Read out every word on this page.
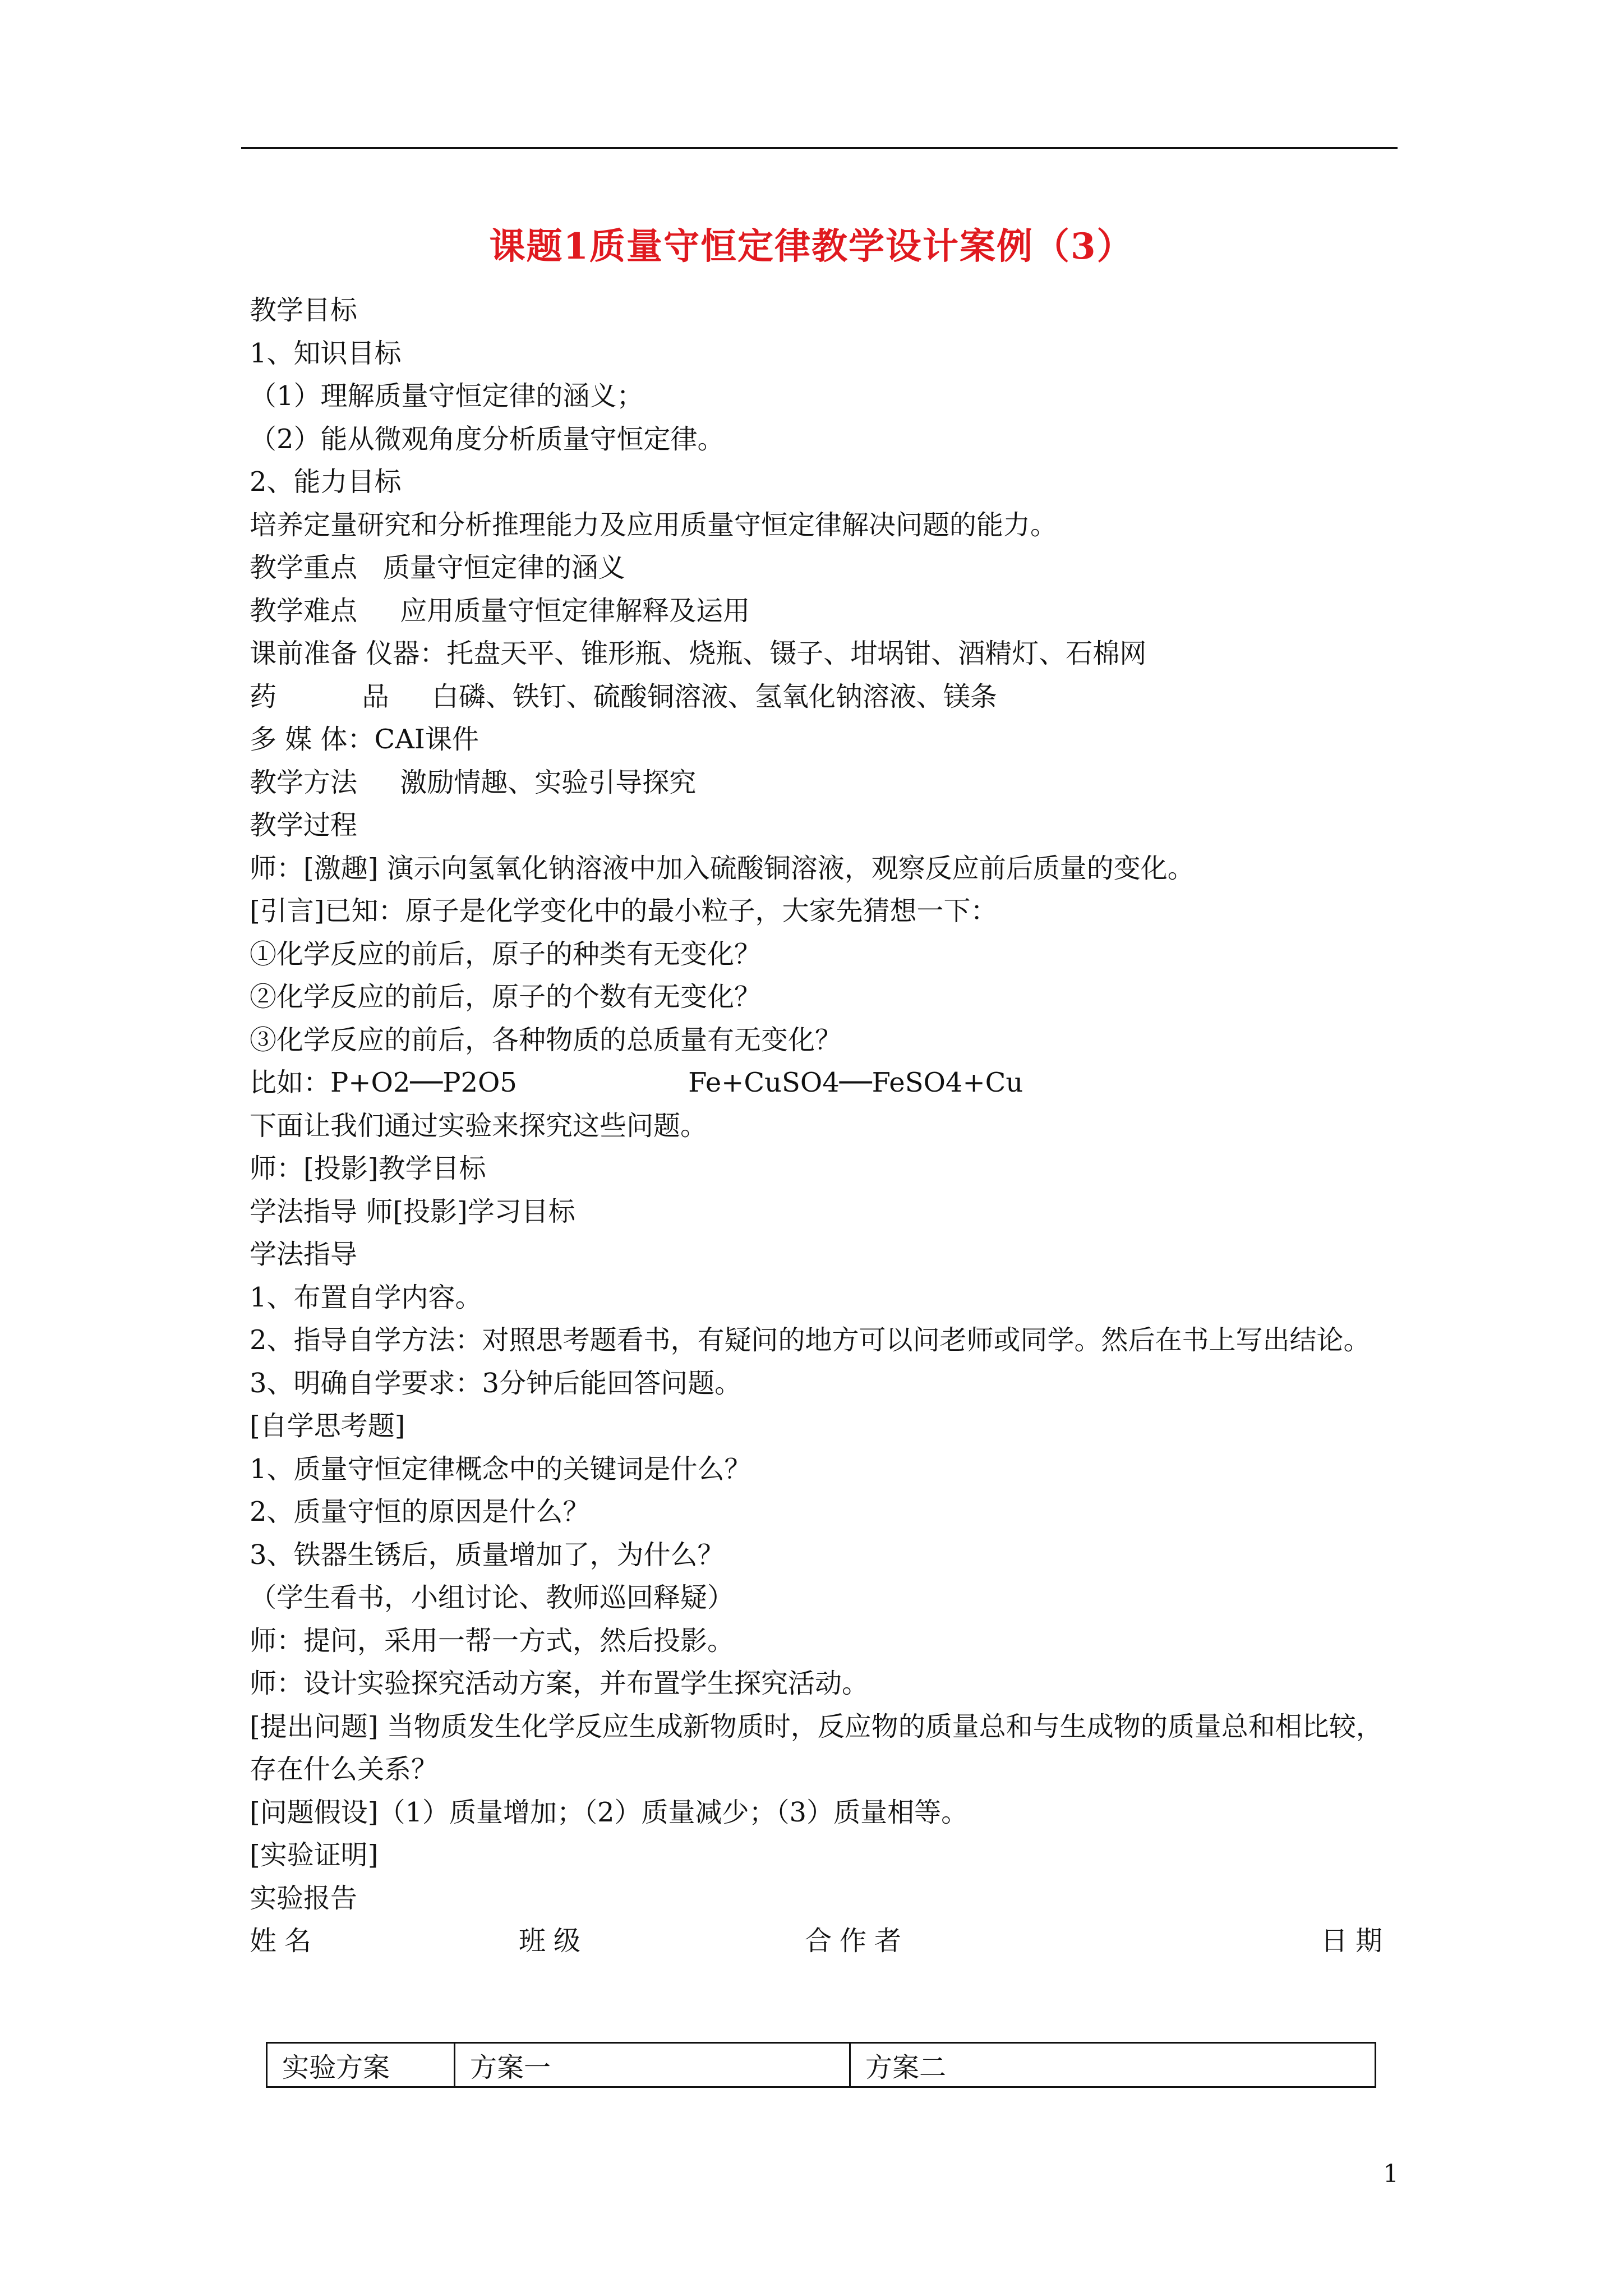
课题1质量守恒定律教学设计案例（3）
教学目标
1、知识目标
（1）理解质量守恒定律的涵义；
（2）能从微观角度分析质量守恒定律。
2、能力目标
培养定量研究和分析推理能力及应用质量守恒定律解决问题的能力。
教学重点   质量守恒定律的涵义
教学难点     应用质量守恒定律解释及运用
课前准备 仪器：托盘天平、锥形瓶、烧瓶、镊子、坩埚钳、酒精灯、石棉网
药          品     白磷、铁钉、硫酸铜溶液、氢氧化钠溶液、镁条
多 媒 体：CAI课件
教学方法     激励情趣、实验引导探究
教学过程
师：[激趣] 演示向氢氧化钠溶液中加入硫酸铜溶液，观察反应前后质量的变化。
[引言]已知：原子是化学变化中的最小粒子，大家先猜想一下：
①化学反应的前后，原子的种类有无变化？
②化学反应的前后，原子的个数有无变化？
③化学反应的前后，各种物质的总质量有无变化？
比如：P+O2──P2O5                    Fe+CuSO4──FeSO4+Cu
下面让我们通过实验来探究这些问题。
师：[投影]教学目标
学法指导 师[投影]学习目标
学法指导
1、布置自学内容。
2、指导自学方法：对照思考题看书，有疑问的地方可以问老师或同学。然后在书上写出结论。
3、明确自学要求：3分钟后能回答问题。
[自学思考题]
1、质量守恒定律概念中的关键词是什么？
2、质量守恒的原因是什么？
3、铁器生锈后，质量增加了，为什么？
（学生看书，小组讨论、教师巡回释疑）
师：提问，采用一帮一方式，然后投影。
师：设计实验探究活动方案，并布置学生探究活动。
[提出问题] 当物质发生化学反应生成新物质时，反应物的质量总和与生成物的质量总和相比较，存在什么关系？
[问题假设]（1）质量增加；（2）质量减少；（3）质量相等。
[实验证明]
实验报告
姓名	班级	合作者	日期
实验方案	方案一	方案二
1
